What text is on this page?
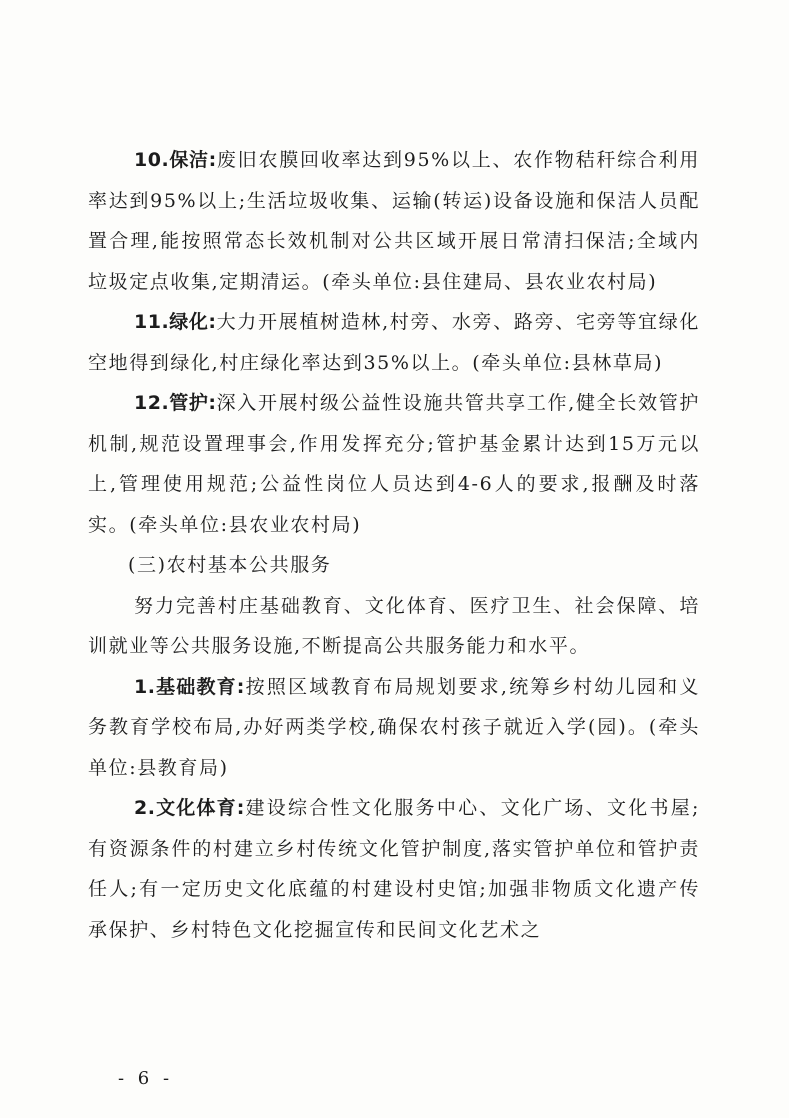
10.保洁:废旧农膜回收率达到95%以上、农作物秸秆综合利用率达到95%以上;生活垃圾收集、运输(转运)设备设施和保洁人员配置合理,能按照常态长效机制对公共区域开展日常清扫保洁;全域内垃圾定点收集,定期清运。(牵头单位:县住建局、县农业农村局)

11.绿化:大力开展植树造林,村旁、水旁、路旁、宅旁等宜绿化空地得到绿化,村庄绿化率达到35%以上。(牵头单位:县林草局)

12.管护:深入开展村级公益性设施共管共享工作,健全长效管护机制,规范设置理事会,作用发挥充分;管护基金累计达到15万元以上,管理使用规范;公益性岗位人员达到4-6人的要求,报酬及时落实。(牵头单位:县农业农村局)

(三)农村基本公共服务

努力完善村庄基础教育、文化体育、医疗卫生、社会保障、培训就业等公共服务设施,不断提高公共服务能力和水平。

1.基础教育:按照区域教育布局规划要求,统筹乡村幼儿园和义务教育学校布局,办好两类学校,确保农村孩子就近入学(园)。(牵头单位:县教育局)

2.文化体育:建设综合性文化服务中心、文化广场、文化书屋;有资源条件的村建立乡村传统文化管护制度,落实管护单位和管护责任人;有一定历史文化底蕴的村建设村史馆;加强非物质文化遗产传承保护、乡村特色文化挖掘宣传和民间文化艺术之

- 6 -
